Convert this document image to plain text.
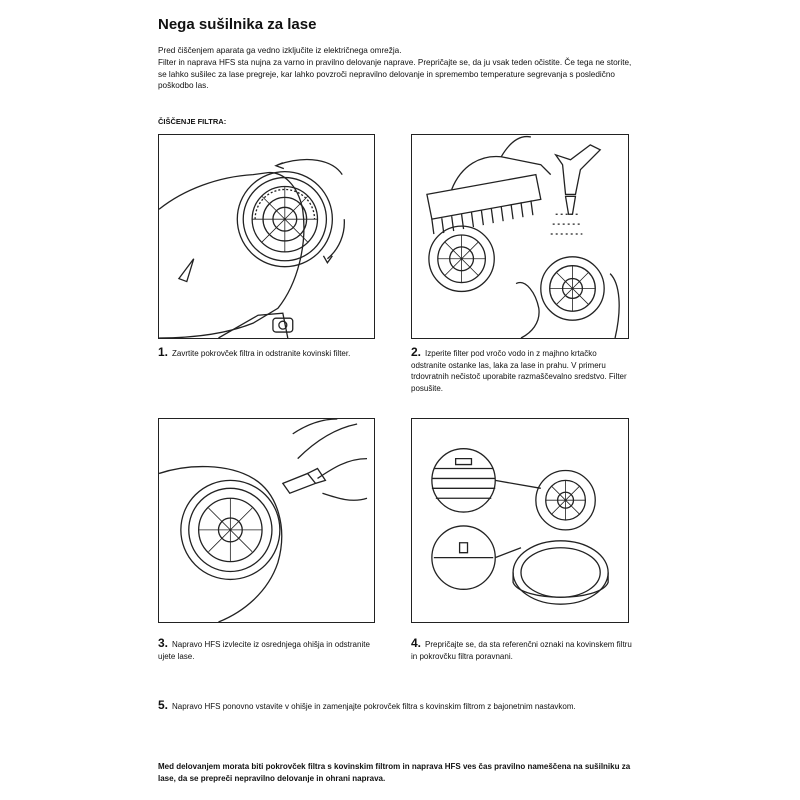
Nega sušilnika za lase
Pred čiščenjem aparata ga vedno izključite iz električnega omrežja.
Filter in naprava HFS sta nujna za varno in pravilno delovanje naprave. Prepričajte se, da ju vsak teden očistite. Če tega ne storite, se lahko sušilec za lase pregreje, kar lahko povzroči nepravilno delovanje in spremembo temperature segrevanja s posledično poškodbo las.
ČIŠČENJE FILTRA:
1. Zavrtite pokrovček filtra in odstranite kovinski filter.	2. Izperite filter pod vročo vodo in z majhno krtačko odstranite ostanke las, laka za lase in prahu. V primeru trdovratnih nečistoč uporabite razmaščevalno sredstvo. Filter posušite.
3. Napravo HFS izvlecite iz osrednjega ohišja in odstranite ujete lase.
4. Prepričajte se, da sta referenčni oznaki na kovinskem filtru in pokrovčku filtra poravnani.
5. Napravo HFS ponovno vstavite v ohišje in zamenjajte pokrovček filtra s kovinskim filtrom z bajonetnim nastavkom.
Med delovanjem morata biti pokrovček filtra s kovinskim filtrom in naprava HFS ves čas pravilno nameščena na sušilniku za lase, da se prepreči nepravilno delovanje in ohrani naprava.
